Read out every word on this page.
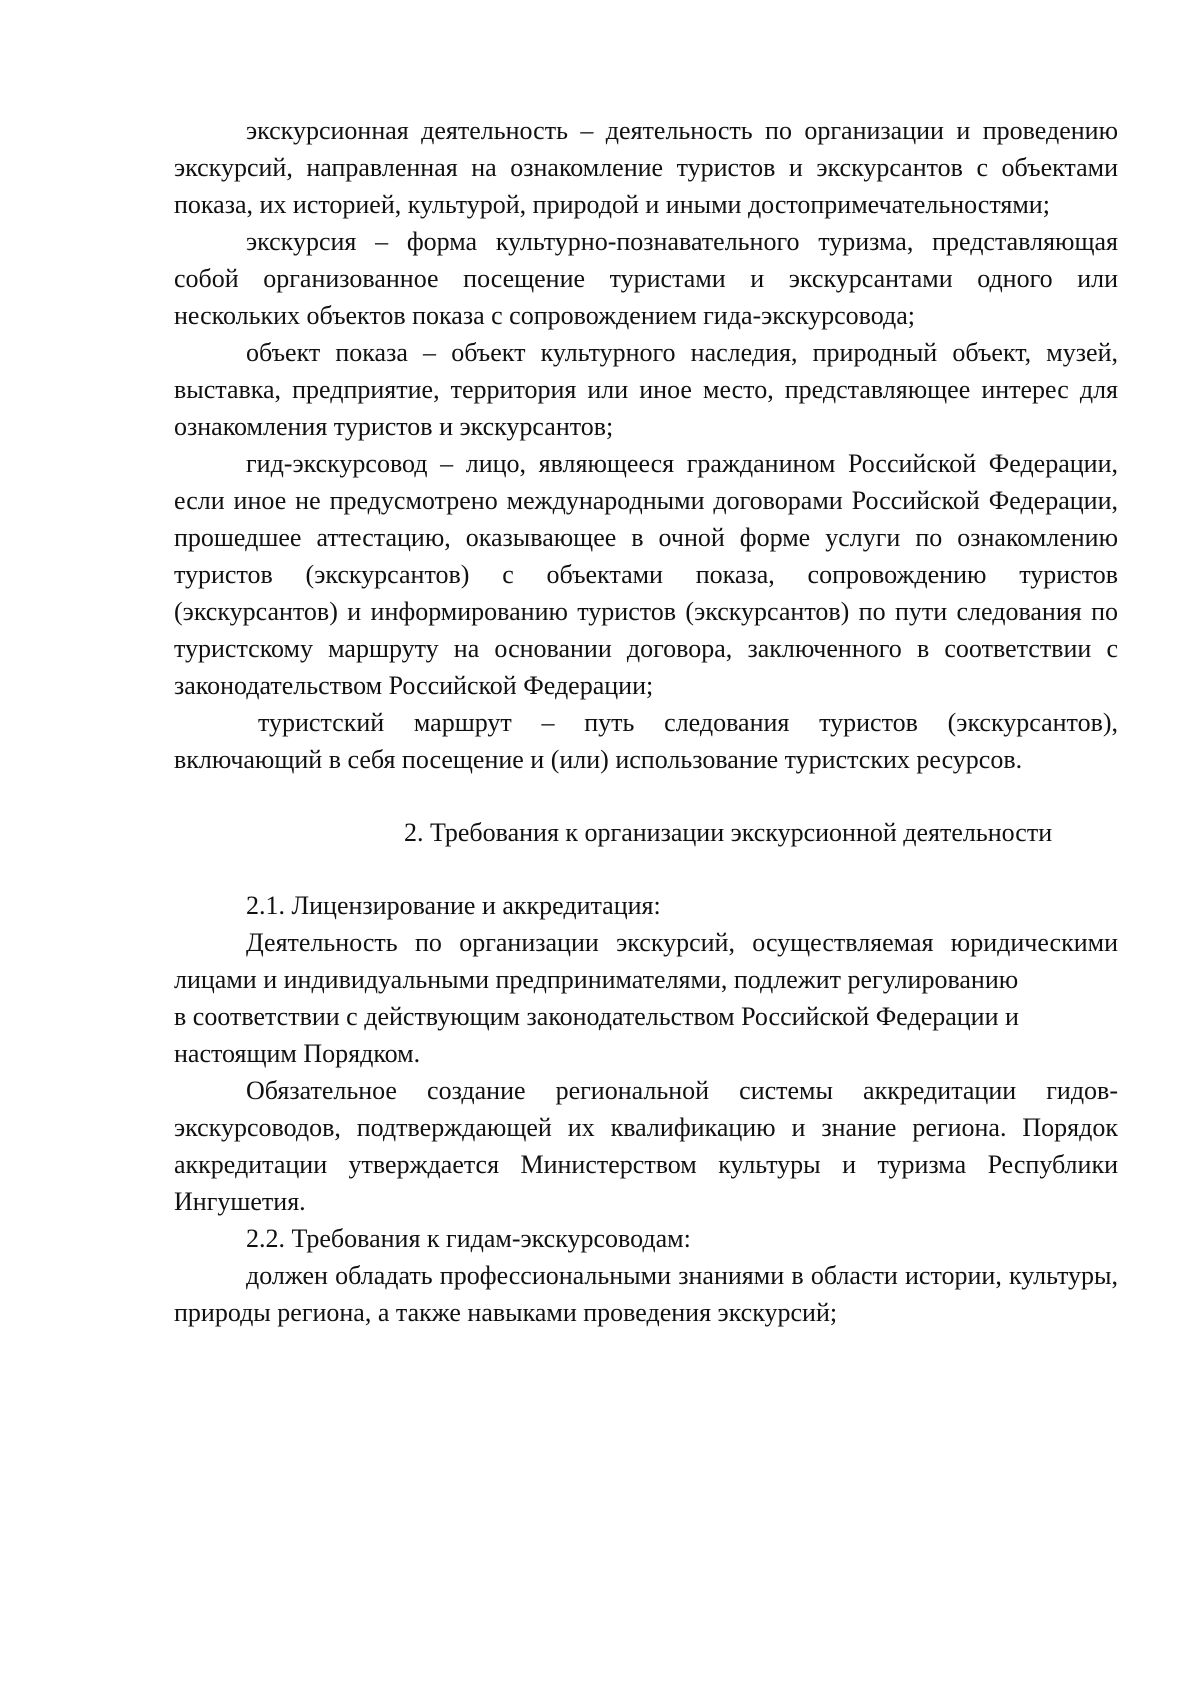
экскурсионная деятельность – деятельность по организации и проведению экскурсий, направленная на ознакомление туристов и экскурсантов с объектами показа, их историей, культурой, природой и иными достопримечательностями;

экскурсия – форма культурно-познавательного туризма, представляющая собой организованное посещение туристами и экскурсантами одного или нескольких объектов показа с сопровождением гида-экскурсовода;

объект показа – объект культурного наследия, природный объект, музей, выставка, предприятие, территория или иное место, представляющее интерес для ознакомления туристов и экскурсантов;

гид-экскурсовод – лицо, являющееся гражданином Российской Федерации, если иное не предусмотрено международными договорами Российской Федерации, прошедшее аттестацию, оказывающее в очной форме услуги по ознакомлению туристов (экскурсантов) с объектами показа, сопровождению туристов (экскурсантов) и информированию туристов (экскурсантов) по пути следования по туристскому маршруту на основании договора, заключенного в соответствии с законодательством Российской Федерации;

туристский маршрут – путь следования туристов (экскурсантов), включающий в себя посещение и (или) использование туристских ресурсов.

2. Требования к организации экскурсионной деятельности

2.1. Лицензирование и аккредитация:

Деятельность по организации экскурсий, осуществляемая юридическими лицами и индивидуальными предпринимателями, подлежит регулированию

в соответствии с действующим законодательством Российской Федерации и настоящим Порядком.

Обязательное создание региональной системы аккредитации гидов-экскурсоводов, подтверждающей их квалификацию и знание региона. Порядок аккредитации утверждается Министерством культуры и туризма Республики Ингушетия.

2.2. Требования к гидам-экскурсоводам:

должен обладать профессиональными знаниями в области истории, культуры, природы региона, а также навыками проведения экскурсий;
